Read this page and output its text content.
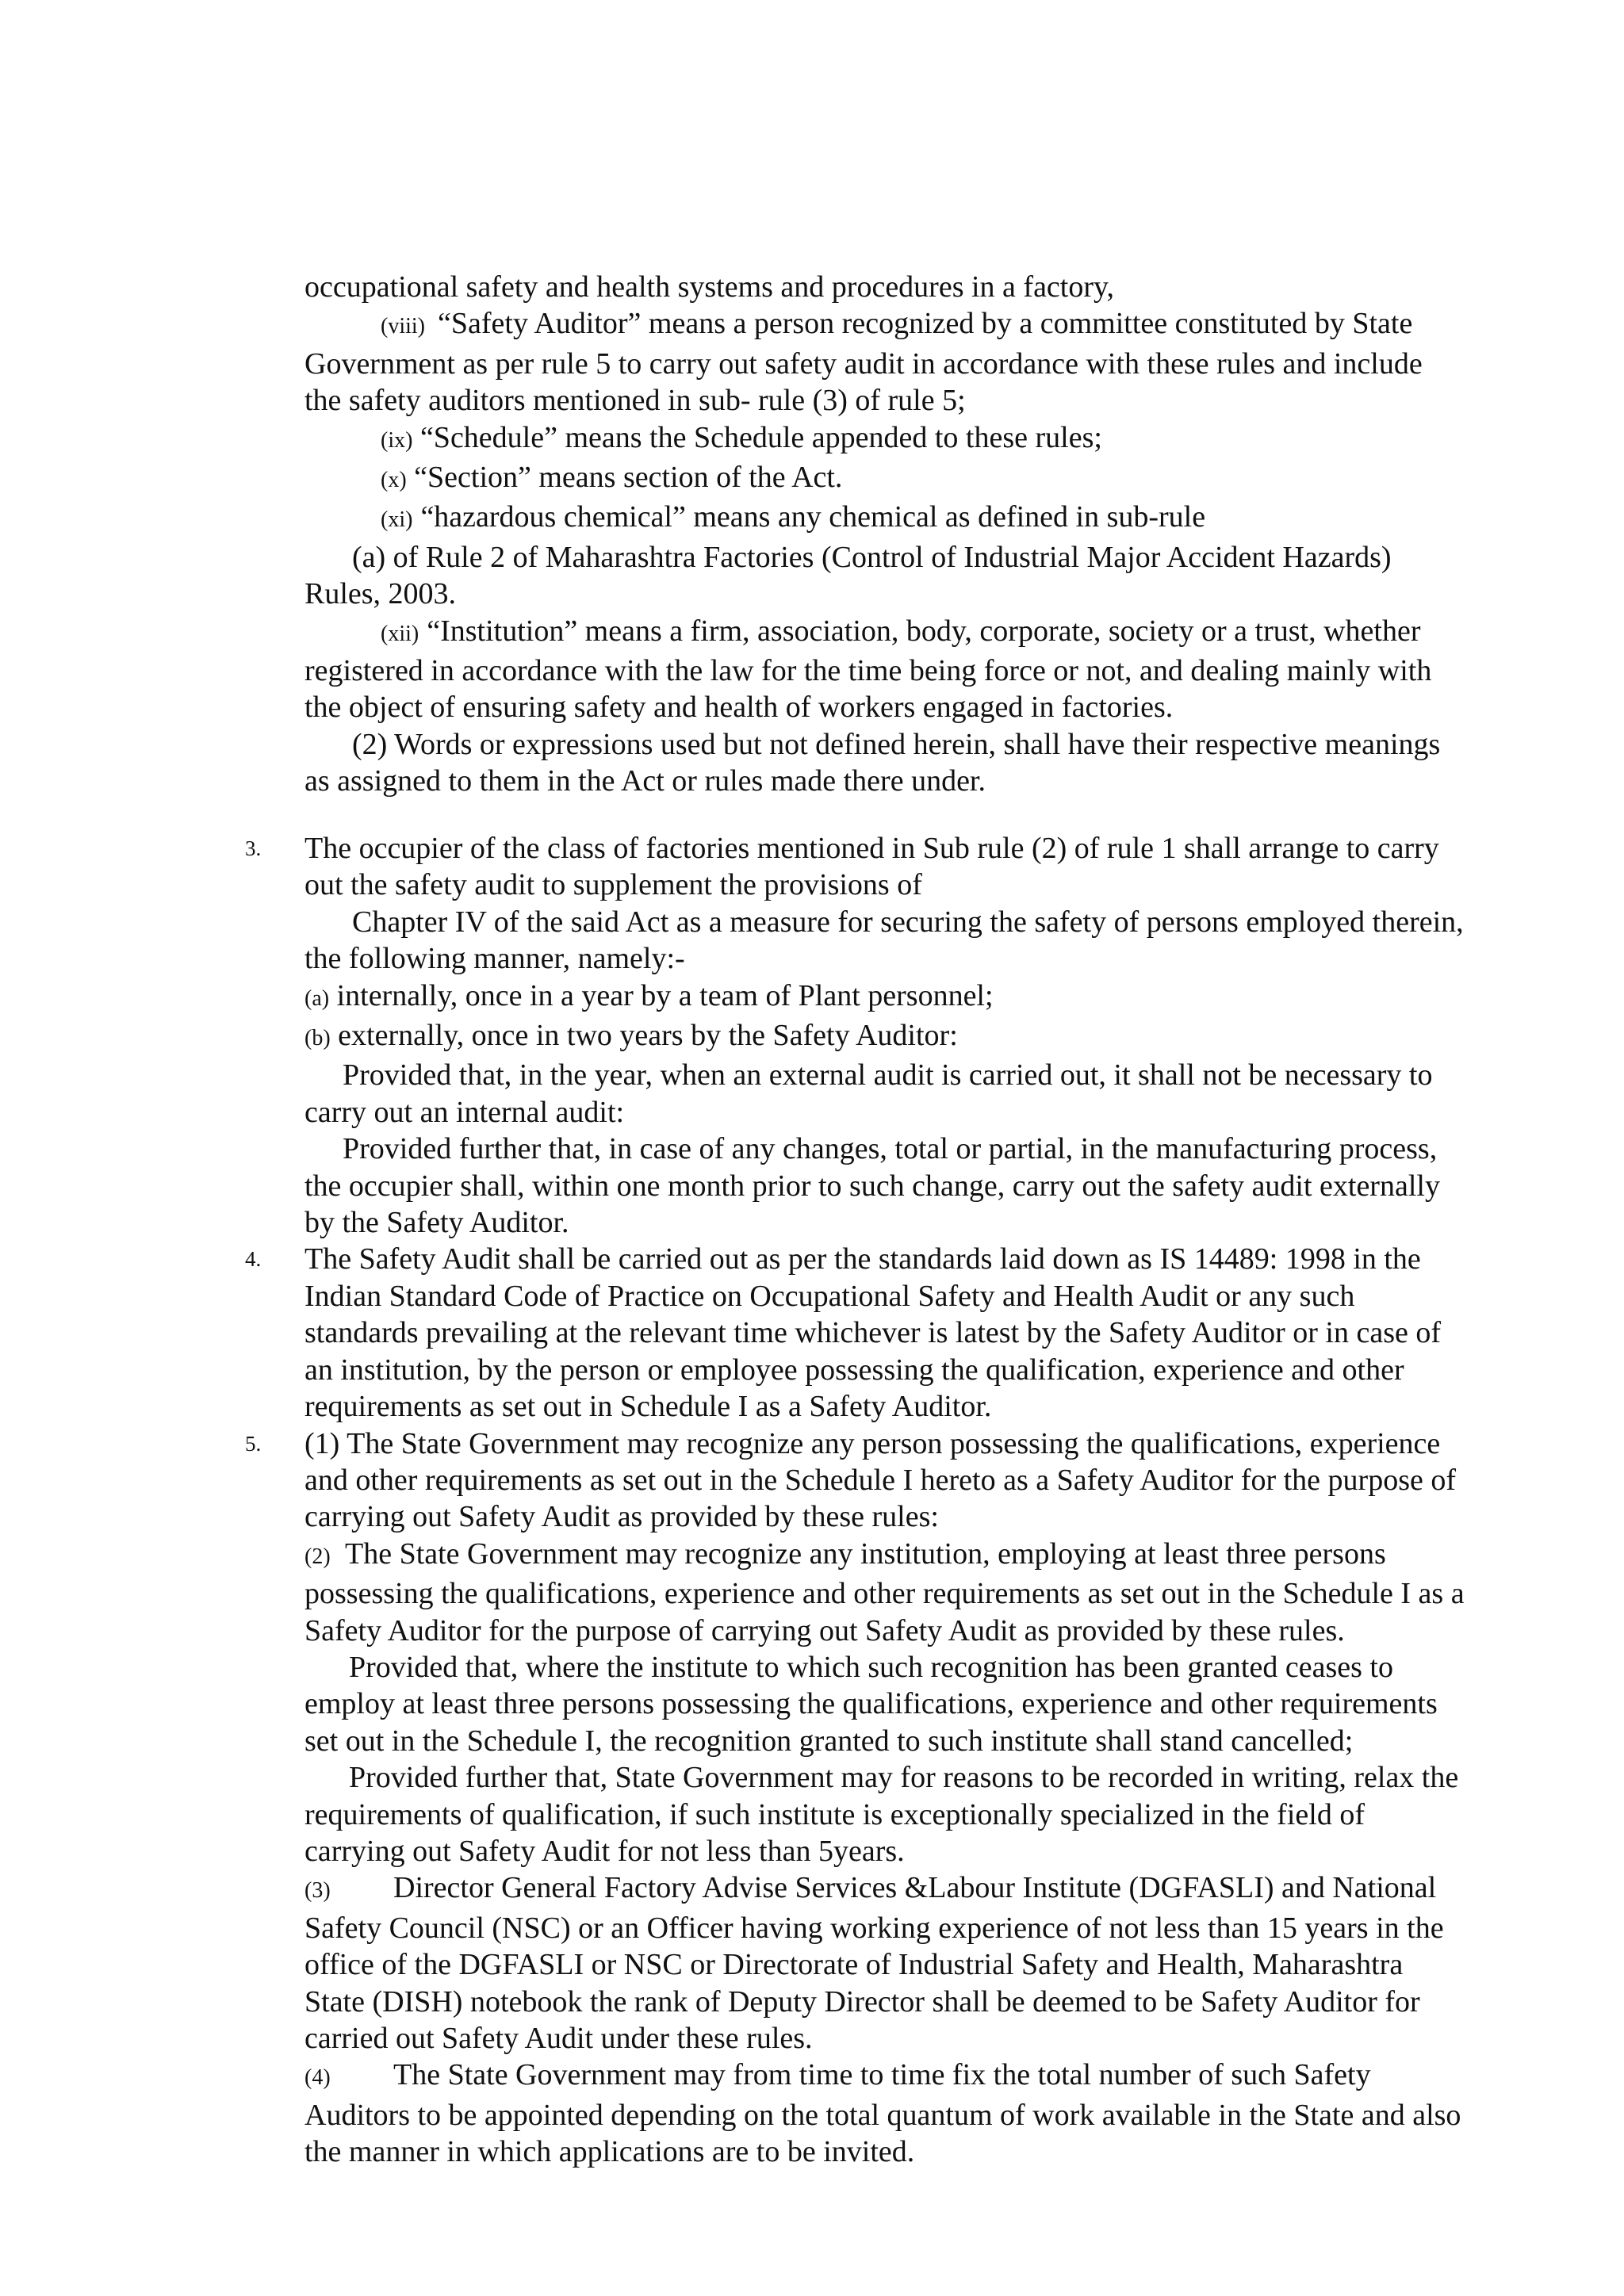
occupational safety and health systems and procedures in a factory,

(viii) “Safety Auditor” means a person recognized by a committee constituted by State

Government as per rule 5 to carry out safety audit in accordance with these rules and include

the safety auditors mentioned in sub- rule (3) of rule 5;

(ix) “Schedule” means the Schedule appended to these rules;

(x) “Section” means section of the Act.

(xi) “hazardous chemical” means any chemical as defined in sub-rule

(a) of Rule 2 of Maharashtra Factories (Control of Industrial Major Accident Hazards)

Rules, 2003.

(xii) “Institution” means a firm, association, body, corporate, society or a trust, whether

registered in accordance with the law for the time being force or not, and dealing mainly with

the object of ensuring safety and health of workers engaged in factories.

(2) Words or expressions used but not defined herein, shall have their respective meanings

as assigned to them in the Act or rules made there under.

3. The occupier of the class of factories mentioned in Sub rule (2) of rule 1 shall arrange to carry

out the safety audit to supplement the provisions of

Chapter IV of the said Act as a measure for securing the safety of persons employed therein,

the following manner, namely:-

(a) internally, once in a year by a team of Plant personnel;

(b) externally, once in two years by the Safety Auditor:

Provided that, in the year, when an external audit is carried out, it shall not be necessary to

carry out an internal audit:

Provided further that, in case of any changes, total or partial, in the manufacturing process,

the occupier shall, within one month prior to such change, carry out the safety audit externally

by the Safety Auditor.

4. The Safety Audit shall be carried out as per the standards laid down as IS 14489: 1998 in the

Indian Standard Code of Practice on Occupational Safety and Health Audit or any such

standards prevailing at the relevant time whichever is latest by the Safety Auditor or in case of

an institution, by the person or employee possessing the qualification, experience and other

requirements as set out in Schedule I as a Safety Auditor.

5. (1) The State Government may recognize any person possessing the qualifications, experience

and other requirements as set out in the Schedule I hereto as a Safety Auditor for the purpose of

carrying out Safety Audit as provided by these rules:

(2) The State Government may recognize any institution, employing at least three persons

possessing the qualifications, experience and other requirements as set out in the Schedule I as a

Safety Auditor for the purpose of carrying out Safety Audit as provided by these rules.

Provided that, where the institute to which such recognition has been granted ceases to

employ at least three persons possessing the qualifications, experience and other requirements

set out in the Schedule I, the recognition granted to such institute shall stand cancelled;

Provided further that, State Government may for reasons to be recorded in writing, relax the

requirements of qualification, if such institute is exceptionally specialized in the field of

carrying out Safety Audit for not less than 5years.

(3) Director General Factory Advise Services &Labour Institute (DGFASLI) and National

Safety Council (NSC) or an Officer having working experience of not less than 15 years in the

office of the DGFASLI or NSC or Directorate of Industrial Safety and Health, Maharashtra

State (DISH) notebook the rank of Deputy Director shall be deemed to be Safety Auditor for

carried out Safety Audit under these rules.

(4) The State Government may from time to time fix the total number of such Safety

Auditors to be appointed depending on the total quantum of work available in the State and also

the manner in which applications are to be invited.
